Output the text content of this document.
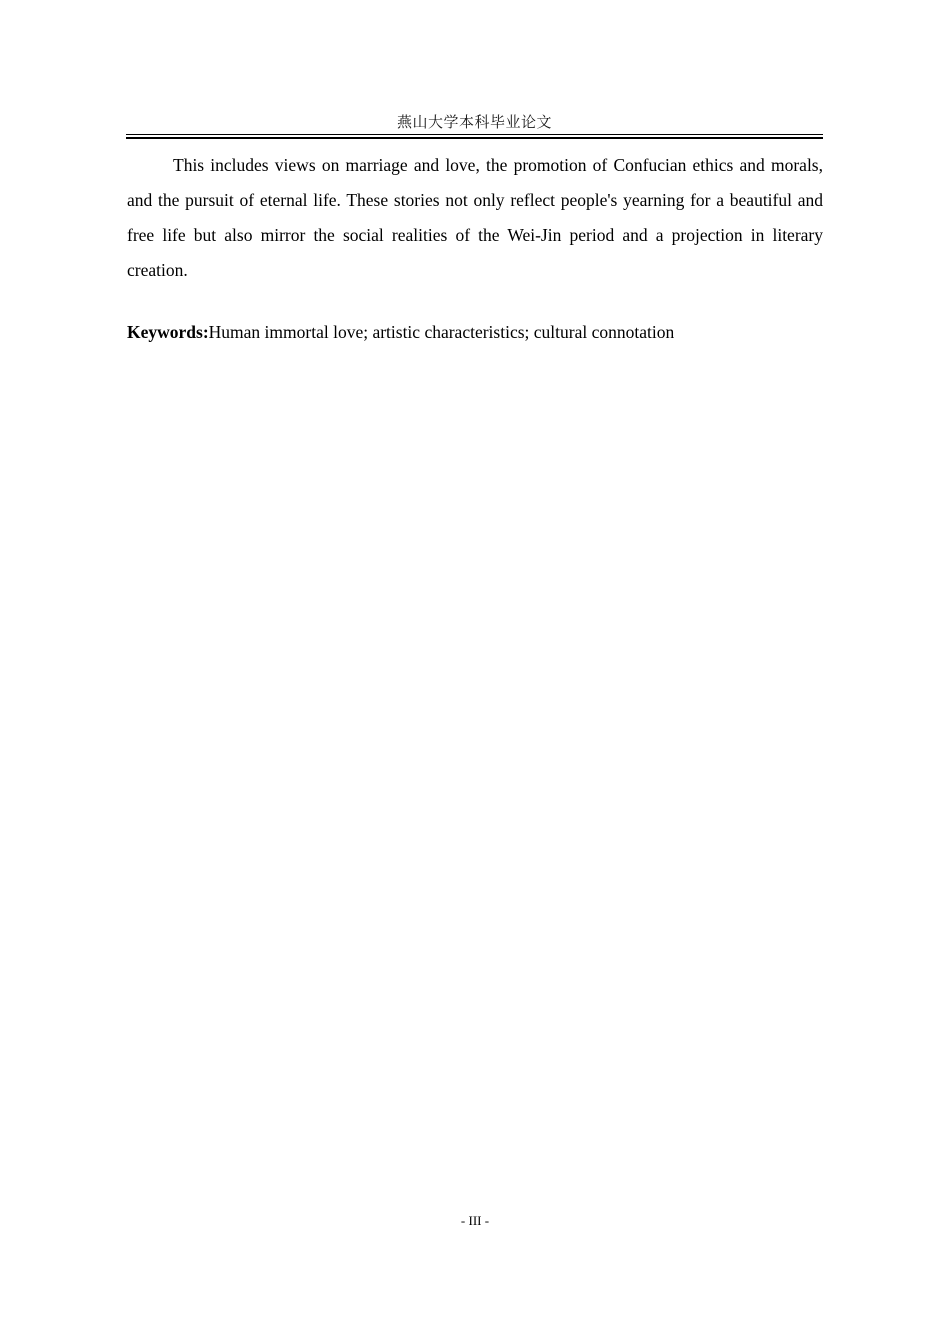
燕山大学本科毕业论文

This includes views on marriage and love, the promotion of Confucian ethics and morals, and the pursuit of eternal life. These stories not only reflect people's yearning for a beautiful and free life but also mirror the social realities of the Wei-Jin period and a projection in literary creation.

Keywords:Human immortal love; artistic characteristics; cultural connotation

- III -
